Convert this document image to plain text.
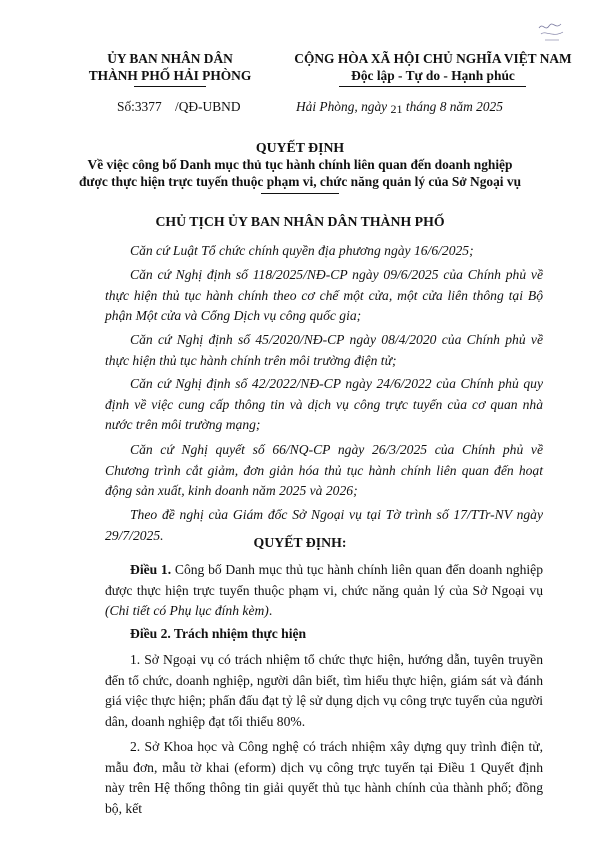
ỦY BAN NHÂN DÂN
THÀNH PHỐ HẢI PHÒNG
CỘNG HÒA XÃ HỘI CHỦ NGHĨA VIỆT NAM
Độc lập - Tự do - Hạnh phúc
Số:3377    /QĐ-UBND	Hải Phòng, ngày 21 tháng 8 năm 2025
QUYẾT ĐỊNH
Về việc công bố Danh mục thủ tục hành chính liên quan đến doanh nghiệp
được thực hiện trực tuyến thuộc phạm vi, chức năng quản lý của Sở Ngoại vụ
CHỦ TỊCH ỦY BAN NHÂN DÂN THÀNH PHỐ
Căn cứ Luật Tổ chức chính quyền địa phương ngày 16/6/2025;
Căn cứ Nghị định số 118/2025/NĐ-CP ngày 09/6/2025 của Chính phủ về thực hiện thủ tục hành chính theo cơ chế một cửa, một cửa liên thông tại Bộ phận Một cửa và Cổng Dịch vụ công quốc gia;
Căn cứ Nghị định số 45/2020/NĐ-CP ngày 08/4/2020 của Chính phủ về thực hiện thủ tục hành chính trên môi trường điện tử;
Căn cứ Nghị định số 42/2022/NĐ-CP ngày 24/6/2022 của Chính phủ quy định về việc cung cấp thông tin và dịch vụ công trực tuyến của cơ quan nhà nước trên môi trường mạng;
Căn cứ Nghị quyết số 66/NQ-CP ngày 26/3/2025 của Chính phủ về Chương trình cắt giảm, đơn giản hóa thủ tục hành chính liên quan đến hoạt động sản xuất, kinh doanh năm 2025 và 2026;
Theo đề nghị của Giám đốc Sở Ngoại vụ tại Tờ trình số 17/TTr-NV ngày 29/7/2025.	QUYẾT ĐỊNH:
Điều 1. Công bố Danh mục thủ tục hành chính liên quan đến doanh nghiệp được thực hiện trực tuyến thuộc phạm vi, chức năng quản lý của Sở Ngoại vụ (Chi tiết có Phụ lục đính kèm).
Điều 2. Trách nhiệm thực hiện
1. Sở Ngoại vụ có trách nhiệm tổ chức thực hiện, hướng dẫn, tuyên truyền đến tổ chức, doanh nghiệp, người dân biết, tìm hiểu thực hiện, giám sát và đánh giá việc thực hiện; phấn đấu đạt tỷ lệ sử dụng dịch vụ công trực tuyến của người dân, doanh nghiệp đạt tối thiểu 80%.
2. Sở Khoa học và Công nghệ có trách nhiệm xây dựng quy trình điện tử, mẫu đơn, mẫu tờ khai (eform) dịch vụ công trực tuyến tại Điều 1 Quyết định này trên Hệ thống thông tin giải quyết thủ tục hành chính của thành phố; đồng bộ, kết
